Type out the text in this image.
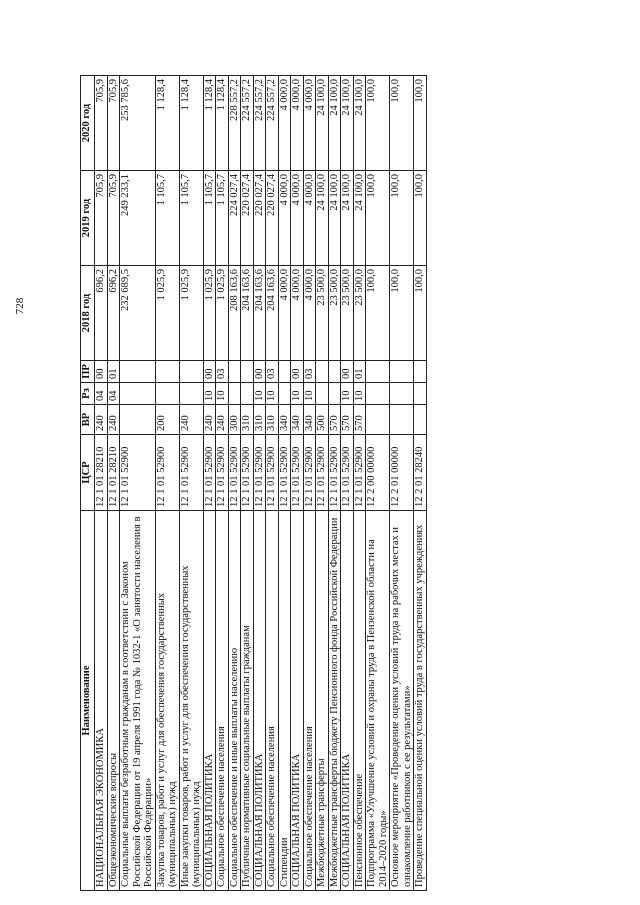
728
Наименование	ЦСР	ВР	Рз	ПР	2018 год	2019 год	2020 год
НАЦИОНАЛЬНАЯ ЭКОНОМИКА	12 1 01 28210	240	04	00	696,2	705,9	705,9
Общеэкономические вопросы	12 1 01 28210	240	04	01	696,2	705,9	705,9
Социальные выплаты безработным гражданам в соответствии с Законом Российской Федерации от 19 апреля 1991 года № 1032-1 «О занятости населения в Российской Федерации»	12 1 01 52900				232 689,5	249 233,1	253 785,6
Закупка товаров, работ и услуг для обеспечения государственных (муниципальных) нужд	12 1 01 52900	200			1 025,9	1 105,7	1 128,4
Иные закупки товаров, работ и услуг для обеспечения государственных (муниципальных) нужд	12 1 01 52900	240			1 025,9	1 105,7	1 128,4
СОЦИАЛЬНАЯ ПОЛИТИКА	12 1 01 52900	240	10	00	1 025,9	1 105,7	1 128,4
Социальное обеспечение населения	12 1 01 52900	240	10	03	1 025,9	1 105,7	1 128,4
Социальное обеспечение и иные выплаты населению	12 1 01 52900	300			208 163,6	224 027,4	228 557,2
Публичные нормативные социальные выплаты гражданам	12 1 01 52900	310			204 163,6	220 027,4	224 557,2
СОЦИАЛЬНАЯ ПОЛИТИКА	12 1 01 52900	310	10	00	204 163,6	220 027,4	224 557,2
Социальное обеспечение населения	12 1 01 52900	310	10	03	204 163,6	220 027,4	224 557,2
Стипендии	12 1 01 52900	340			4 000,0	4 000,0	4 000,0
СОЦИАЛЬНАЯ ПОЛИТИКА	12 1 01 52900	340	10	00	4 000,0	4 000,0	4 000,0
Социальное обеспечение населения	12 1 01 52900	340	10	03	4 000,0	4 000,0	4 000,0
Межбюджетные трансферты	12 1 01 52900	500			23 500,0	24 100,0	24 100,0
Межбюджетные трансферты бюджету Пенсионного фонда Российской Федерации	12 1 01 52900	570			23 500,0	24 100,0	24 100,0
СОЦИАЛЬНАЯ ПОЛИТИКА	12 1 01 52900	570	10	00	23 500,0	24 100,0	24 100,0
Пенсионное обеспечение	12 1 01 52900	570	10	01	23 500,0	24 100,0	24 100,0
Подпрограмма «Улучшение условий и охраны труда в Пензенской области на 2014–2020 годы»	12 2 00 00000				100,0	100,0	100,0
Основное мероприятие «Проведение оценки условий труда на рабочих местах и ознакомление работников с ее результатами»	12 2 01 00000				100,0	100,0	100,0
Проведение специальной оценки условий труда в государственных учреждениях	12 2 01 28240				100,0	100,0	100,0
